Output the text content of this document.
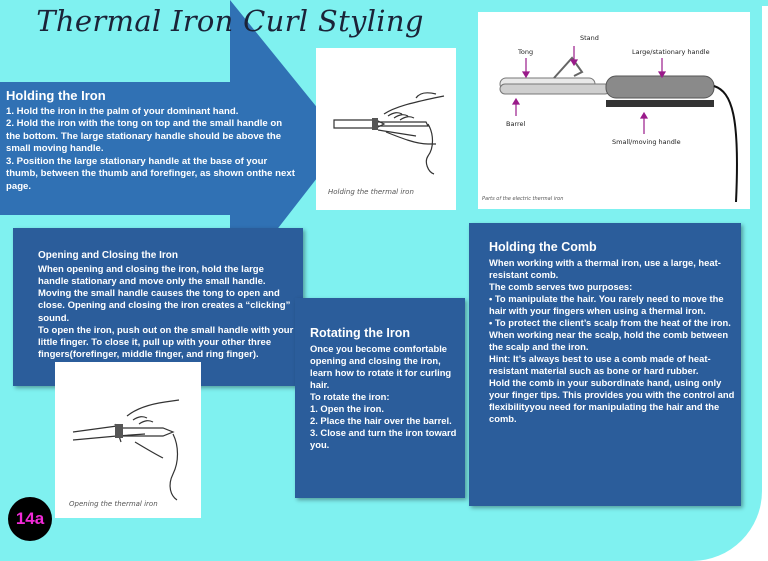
Thermal Iron Curl Styling
Holding the Iron

1. Hold the iron in the palm of your dominant hand.
2. Hold the iron with the tong on top and the small handle on the bottom. The large stationary handle should be above the small moving handle.
3. Position the large stationary handle at the base of your thumb, between the thumb and forefinger, as shown onthe next page.

Holding the thermal iron
Stand
Tong	Large/stationary handle
Barrel
Small/moving handle
Parts of the electric thermal iron
Opening and Closing the Iron

When opening and closing the iron, hold the large handle stationary and move only the small handle. Moving the small handle causes the tong to open and close. Opening and closing the iron creates a “clicking” sound.
To open the iron, push out on the small handle with your little finger. To close it, pull up with your other three fingers(forefinger, middle finger, and ring finger).

Opening the thermal iron
Rotating the Iron

Once you become comfortable opening and closing the iron, learn how to rotate it for curling hair.
To rotate the iron:
1. Open the iron.
2. Place the hair over the barrel.
3. Close and turn the iron toward you.

Holding the Comb

When working with a thermal iron, use a large, heat-resistant comb.
The comb serves two purposes:
• To manipulate the hair. You rarely need to move the hair with your fingers when using a thermal iron.
• To protect the client’s scalp from the heat of the iron. When working near the scalp, hold the comb between the scalp and the iron.
Hint: It’s always best to use a comb made of heat-resistant material such as bone or hard rubber.
Hold the comb in your subordinate hand, using only your finger tips. This provides you with the control and flexibilityyou need for manipulating the hair and the comb.

14a
